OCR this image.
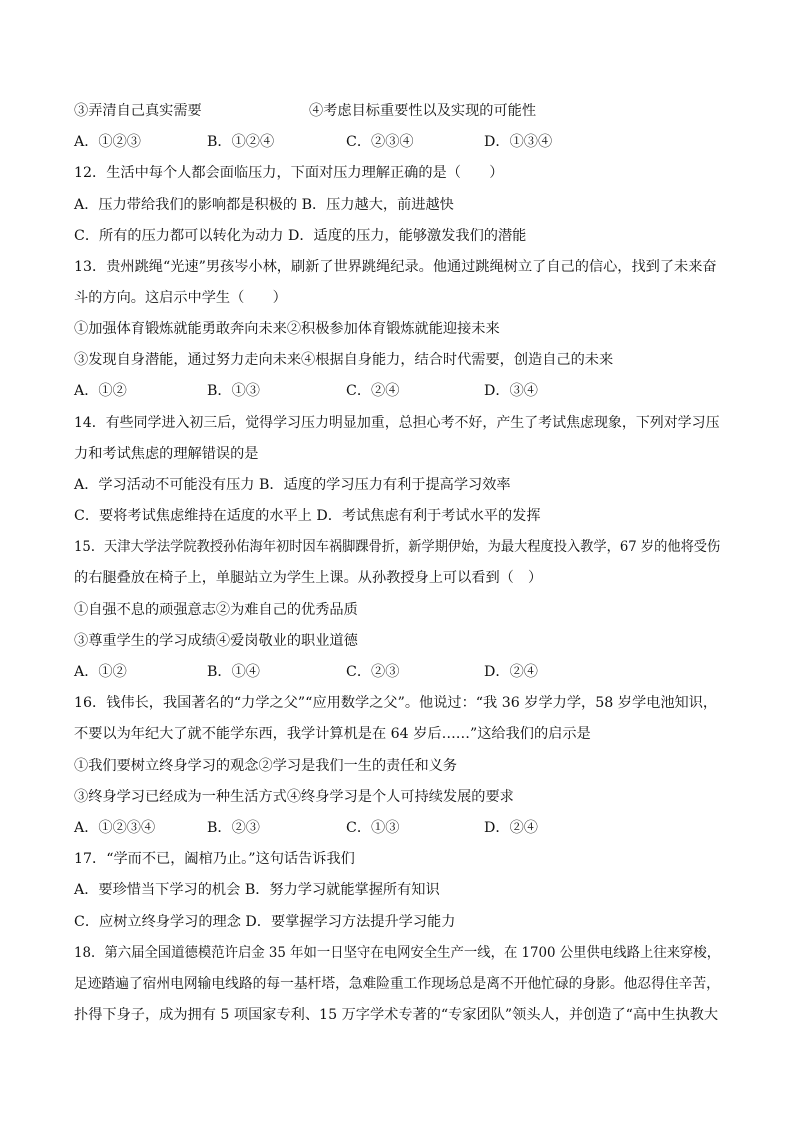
③弄清自己真实需要	④考虑目标重要性以及实现的可能性
A．①②③	B．①②④	C．②③④	D．①③④
12．生活中每个人都会面临压力，下面对压力理解正确的是（　　）
A．压力带给我们的影响都是积极的 B．压力越大，前进越快
C．所有的压力都可以转化为动力 D．适度的压力，能够激发我们的潜能
13．贵州跳绳“光速”男孩岑小林，刷新了世界跳绳纪录。他通过跳绳树立了自己的信心，找到了未来奋
斗的方向。这启示中学生（　　）
①加强体育锻炼就能勇敢奔向未来②积极参加体育锻炼就能迎接未来
③发现自身潜能，通过努力走向未来④根据自身能力，结合时代需要，创造自己的未来
A．①②	B．①③	C．②④	D．③④
14．有些同学进入初三后，觉得学习压力明显加重，总担心考不好，产生了考试焦虑现象，下列对学习压
力和考试焦虑的理解错误的是
A．学习活动不可能没有压力 B．适度的学习压力有利于提高学习效率
C．要将考试焦虑维持在适度的水平上 D．考试焦虑有利于考试水平的发挥
15．天津大学法学院教授孙佑海年初时因车祸脚踝骨折，新学期伊始，为最大程度投入教学，67 岁的他将受伤
的右腿叠放在椅子上，单腿站立为学生上课。从孙教授身上可以看到（　）
①自强不息的顽强意志②为难自己的优秀品质
③尊重学生的学习成绩④爱岗敬业的职业道德
A．①②	B．①④	C．②③	D．②④
16．钱伟长，我国著名的“力学之父”“应用数学之父”。他说过：“我 36 岁学力学，58 岁学电池知识，
不要以为年纪大了就不能学东西，我学计算机是在 64 岁后……”这给我们的启示是
①我们要树立终身学习的观念②学习是我们一生的责任和义务
③终身学习已经成为一种生活方式④终身学习是个人可持续发展的要求
A．①②③④	B．②③	C．①③	D．②④
17．“学而不已，阖棺乃止。”这句话告诉我们
A．要珍惜当下学习的机会 B．努力学习就能掌握所有知识
C．应树立终身学习的理念 D．要掌握学习方法提升学习能力
18．第六届全国道德模范许启金 35 年如一日坚守在电网安全生产一线，在 1700 公里供电线路上往来穿梭，
足迹踏遍了宿州电网输电线路的每一基杆塔，急难险重工作现场总是离不开他忙碌的身影。他忍得住辛苦，
扑得下身子，成为拥有 5 项国家专利、15 万字学术专著的“专家团队”领头人，并创造了“高中生执教大
